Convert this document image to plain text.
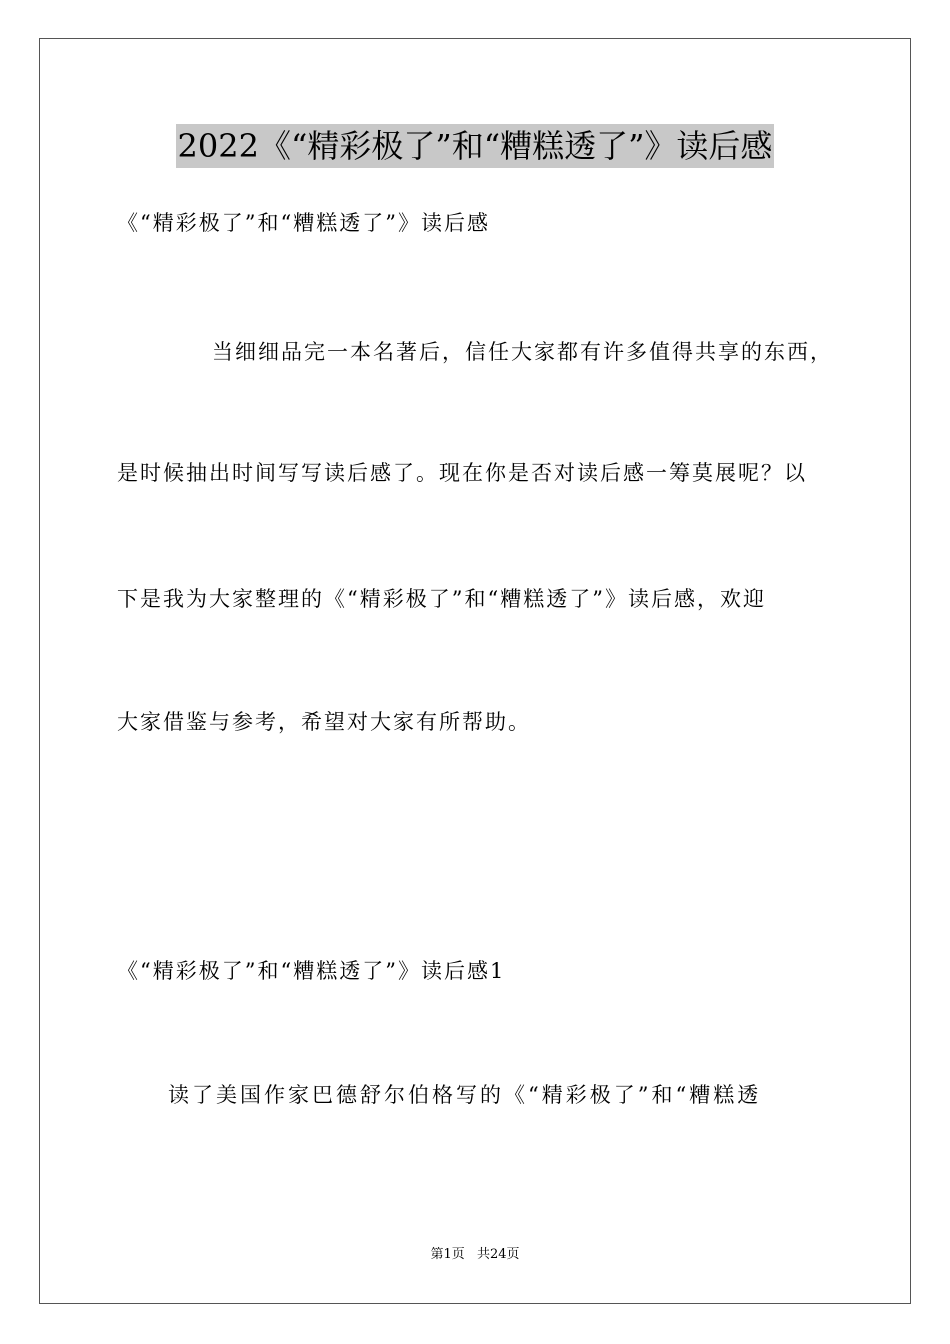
2022《“精彩极了”和“糟糕透了”》读后感
《“精彩极了”和“糟糕透了”》读后感
当细细品完一本名著后，信任大家都有许多值得共享的东西，
是时候抽出时间写写读后感了。现在你是否对读后感一筹莫展呢？以
下是我为大家整理的《“精彩极了”和“糟糕透了”》读后感，欢迎
大家借鉴与参考，希望对大家有所帮助。
《“精彩极了”和“糟糕透了”》读后感1
读了美国作家巴德舒尔伯格写的《“精彩极了”和“糟糕透
第1页 共24页
